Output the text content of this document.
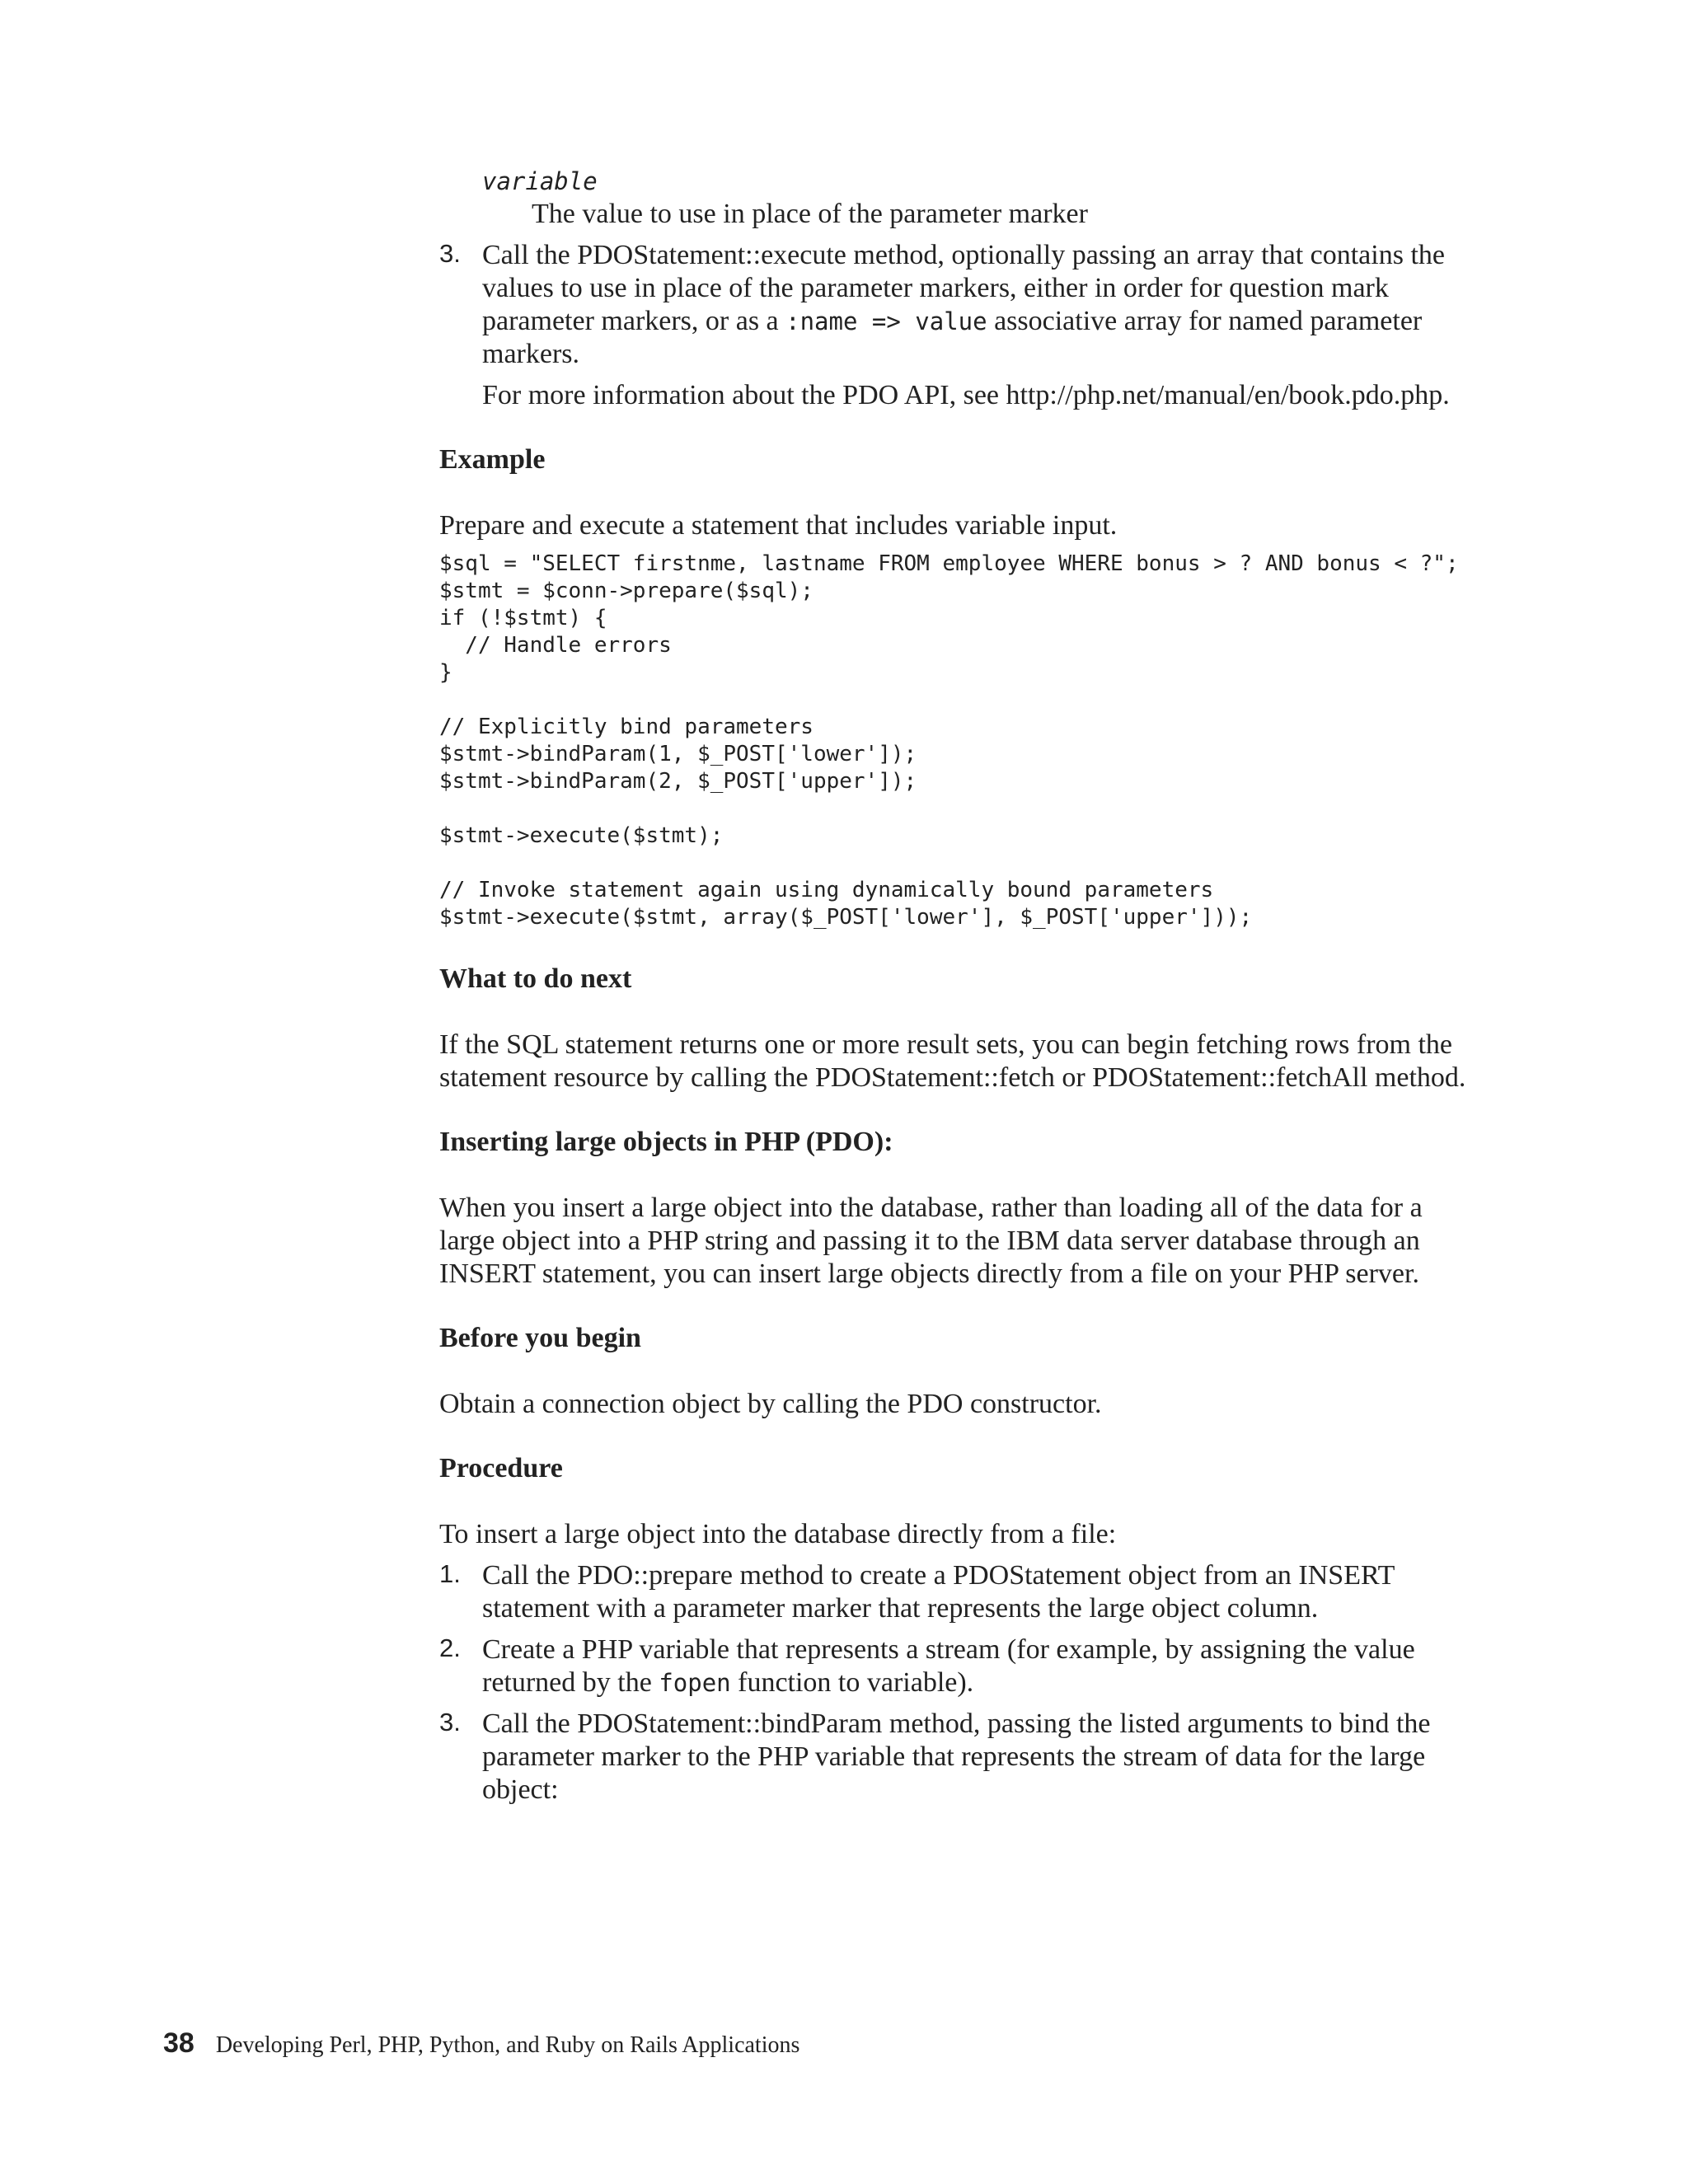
variable

The value to use in place of the parameter marker

3. Call the PDOStatement::execute method, optionally passing an array that contains the values to use in place of the parameter markers, either in order for question mark parameter markers, or as a :name => value associative array for named parameter markers.

For more information about the PDO API, see http://php.net/manual/en/book.pdo.php.

Example

Prepare and execute a statement that includes variable input.

$sql = "SELECT firstnme, lastname FROM employee WHERE bonus > ? AND bonus < ?";
$stmt = $conn->prepare($sql);
if (!$stmt) {
// Handle errors
}

// Explicitly bind parameters
$stmt->bindParam(1, $_POST['lower']);
$stmt->bindParam(2, $_POST['upper']);

$stmt->execute($stmt);

// Invoke statement again using dynamically bound parameters
$stmt->execute($stmt, array($_POST['lower'], $_POST['upper']));
What to do next

If the SQL statement returns one or more result sets, you can begin fetching rows from the statement resource by calling the PDOStatement::fetch or PDOStatement::fetchAll method.

Inserting large objects in PHP (PDO):

When you insert a large object into the database, rather than loading all of the data for a large object into a PHP string and passing it to the IBM data server database through an INSERT statement, you can insert large objects directly from a file on your PHP server.

Before you begin

Obtain a connection object by calling the PDO constructor.

Procedure

To insert a large object into the database directly from a file:

1. Call the PDO::prepare method to create a PDOStatement object from an INSERT statement with a parameter marker that represents the large object column.

2. Create a PHP variable that represents a stream (for example, by assigning the value returned by the fopen function to variable).

3. Call the PDOStatement::bindParam method, passing the listed arguments to bind the parameter marker to the PHP variable that represents the stream of data for the large object:

38 Developing Perl, PHP, Python, and Ruby on Rails Applications
